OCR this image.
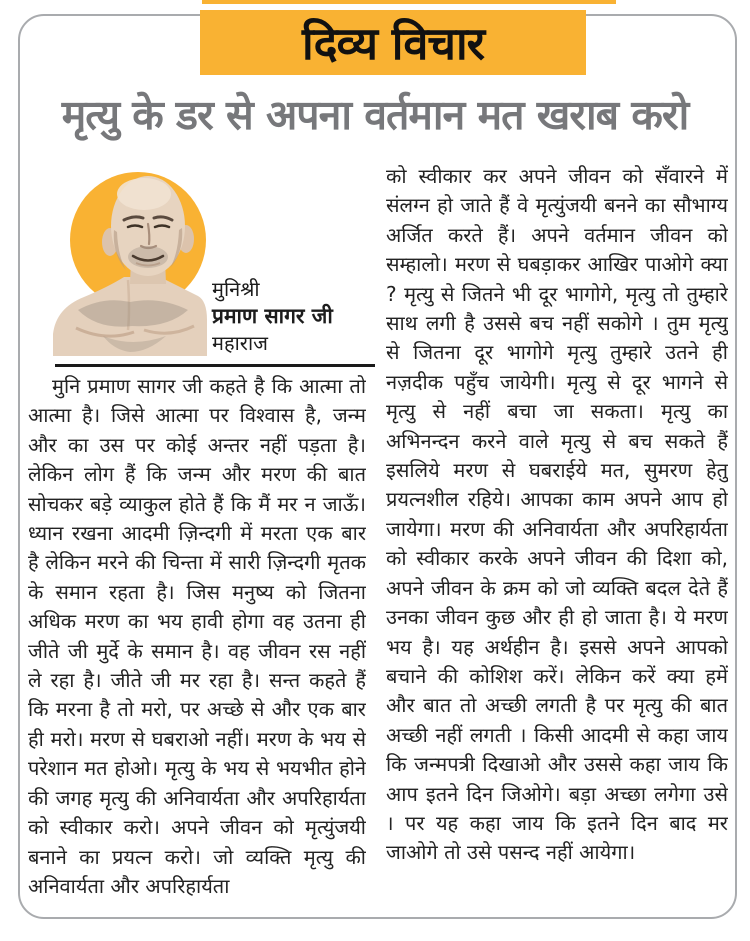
दिव्य विचार
मृत्यु के डर से अपना वर्तमान मत खराब करो
मुनिश्री
प्रमाण सागर जी
महाराज

मुनि प्रमाण सागर जी कहते है कि आत्मा तो आत्मा है। जिसे आत्मा पर विश्वास है, जन्म और का उस पर कोई अन्तर नहीं पड़ता है। लेकिन लोग हैं कि जन्म और मरण की बात सोचकर बड़े व्याकुल होते हैं कि मैं मर न जाऊँ। ध्यान रखना आदमी ज़िन्दगी में मरता एक बार है लेकिन मरने की चिन्ता में सारी ज़िन्दगी मृतक के समान रहता है। जिस मनुष्य को जितना अधिक मरण का भय हावी होगा वह उतना ही जीते जी मुर्दे के समान है। वह जीवन रस नहीं ले रहा है। जीते जी मर रहा है। सन्त कहते हैं कि मरना है तो मरो, पर अच्छे से और एक बार ही मरो। मरण से घबराओ नहीं। मरण के भय से परेशान मत होओ। मृत्यु के भय से भयभीत होने की जगह मृत्यु की अनिवार्यता और अपरिहार्यता को स्वीकार करो। अपने जीवन को मृत्युंजयी बनाने का प्रयत्न करो। जो व्यक्ति मृत्यु की अनिवार्यता और अपरिहार्यता

को स्वीकार कर अपने जीवन को सँवारने में संलग्न हो जाते हैं वे मृत्युंजयी बनने का सौभाग्य अर्जित करते हैं। अपने वर्तमान जीवन को सम्हालो। मरण से घबड़ाकर आखिर पाओगे क्या ? मृत्यु से जितने भी दूर भागोगे, मृत्यु तो तुम्हारे साथ लगी है उससे बच नहीं सकोगे । तुम मृत्यु से जितना दूर भागोगे मृत्यु तुम्हारे उतने ही नज़दीक पहुँच जायेगी। मृत्यु से दूर भागने से मृत्यु से नहीं बचा जा सकता। मृत्यु का अभिनन्दन करने वाले मृत्यु से बच सकते हैं इसलिये मरण से घबराईये मत, सुमरण हेतु प्रयत्नशील रहिये। आपका काम अपने आप हो जायेगा। मरण की अनिवार्यता और अपरिहार्यता को स्वीकार करके अपने जीवन की दिशा को, अपने जीवन के क्रम को जो व्यक्ति बदल देते हैं उनका जीवन कुछ और ही हो जाता है। ये मरण भय है। यह अर्थहीन है। इससे अपने आपको बचाने की कोशिश करें। लेकिन करें क्या हमें और बात तो अच्छी लगती है पर मृत्यु की बात अच्छी नहीं लगती । किसी आदमी से कहा जाय कि जन्मपत्री दिखाओ और उससे कहा जाय कि आप इतने दिन जिओगे। बड़ा अच्छा लगेगा उसे । पर यह कहा जाय कि इतने दिन बाद मर जाओगे तो उसे पसन्द नहीं आयेगा।
